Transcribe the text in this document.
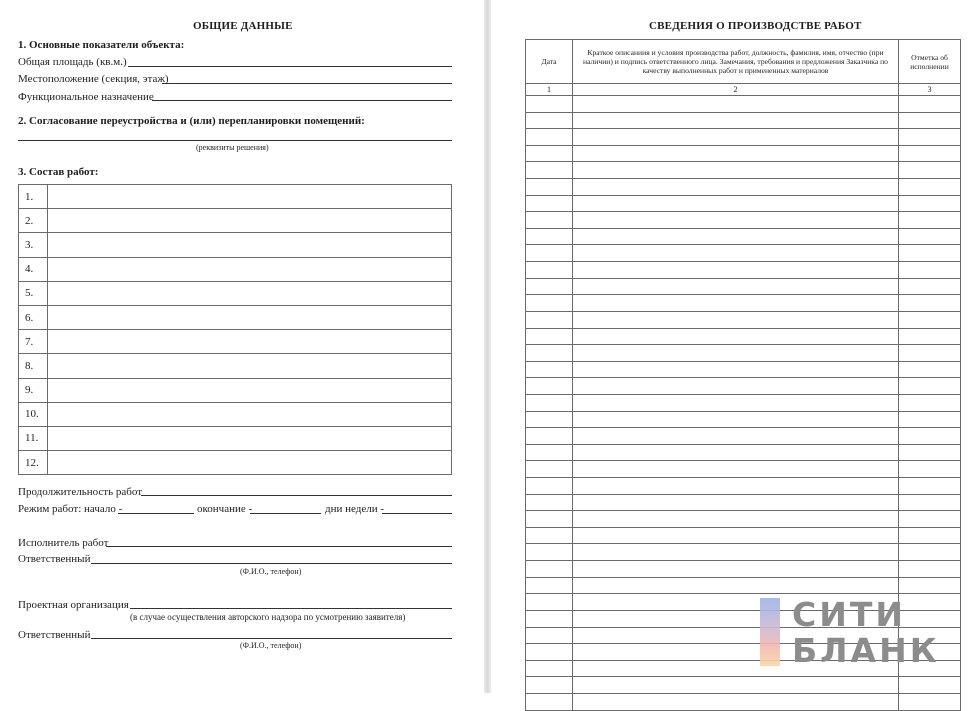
ОБЩИЕ ДАННЫЕ
1. Основные показатели объекта:
Общая площадь (кв.м.)
Местоположение (секция, этаж)
Функциональное назначение
2. Согласование переустройства и (или) перепланировки помещений:
(реквизиты решения)
3. Состав работ:
1.	
2.	
3.	
4.	
5.	
6.	
7.	
8.	
9.	
10.	
11.	
12.	
Продолжительность работ
Режим работ: начало -	окончание -	дни недели -
Исполнитель работ
Ответственный
(Ф.И.О., телефон)
Проектная организация
(в случае осуществления авторского надзора по усмотрению заявителя)
Ответственный
(Ф.И.О., телефон)
СВЕДЕНИЯ О ПРОИЗВОДСТВЕ РАБОТ
Дата	Краткое описаниия и условия производства работ, должность, фамилия, имя, отчество (при наличии) и подпись ответственного лица. Замечания, требования и предложения Заказчика по качеству выполненных работ и примененных материалов	Отметка об исполнении
1	2	3

СИТИ
БЛАНК
